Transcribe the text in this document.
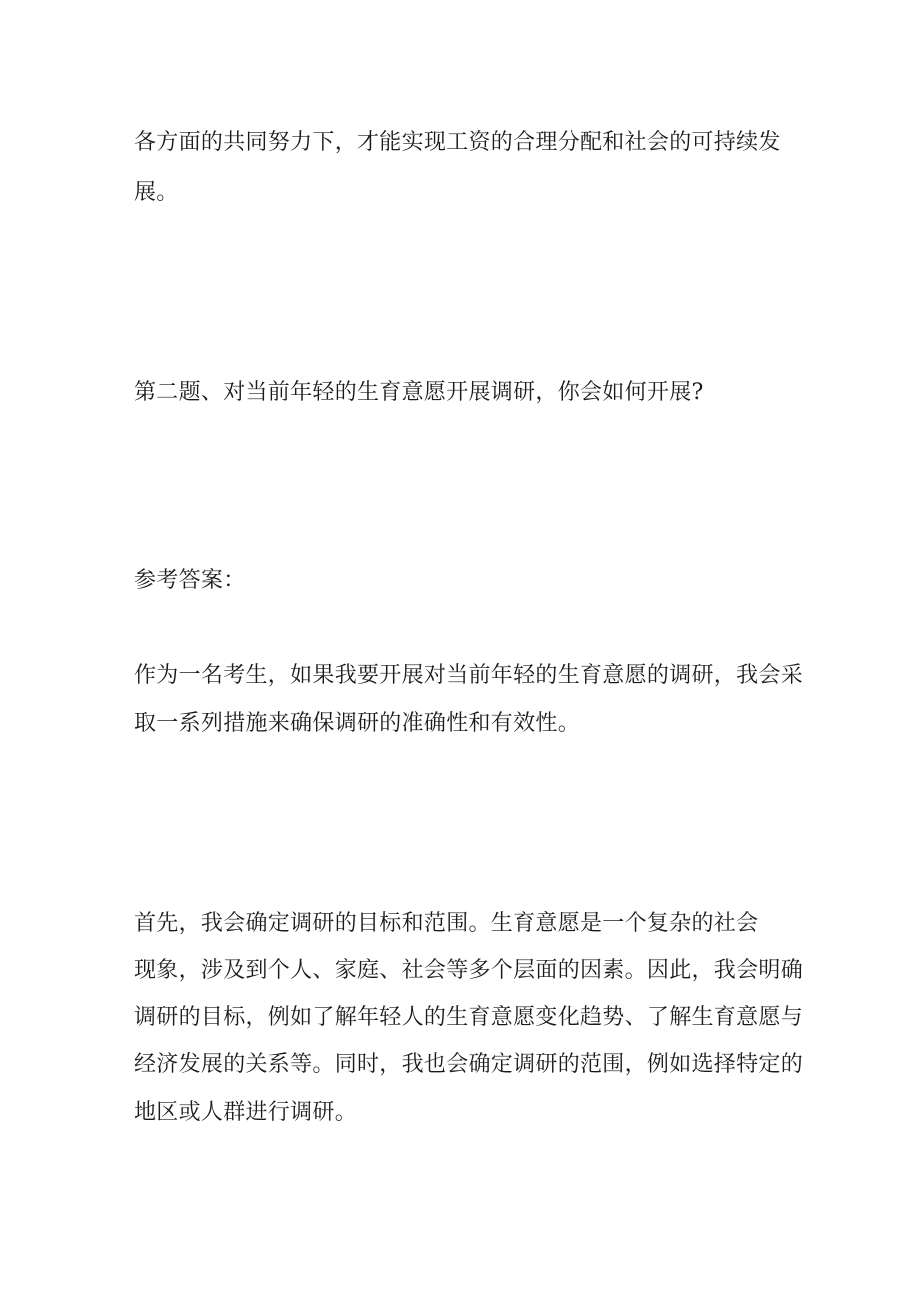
各方面的共同努力下，才能实现工资的合理分配和社会的可持续发
展。
第二题、对当前年轻的生育意愿开展调研，你会如何开展?
参考答案：
作为一名考生，如果我要开展对当前年轻的生育意愿的调研，我会采
取一系列措施来确保调研的准确性和有效性。
首先，我会确定调研的目标和范围。生育意愿是一个复杂的社会
现象，涉及到个人、家庭、社会等多个层面的因素。因此，我会明确
调研的目标，例如了解年轻人的生育意愿变化趋势、了解生育意愿与
经济发展的关系等。同时，我也会确定调研的范围，例如选择特定的
地区或人群进行调研。
